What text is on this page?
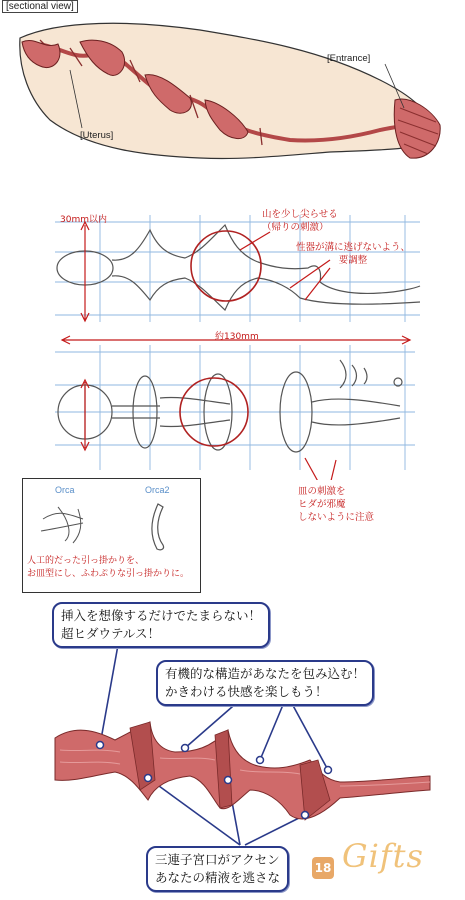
[sectional view]
[Entrance]
[Uterus]
30mm以内
約130mm
山を少し尖らせる
（帰りの刺激）
性器が溝に逃げないよう、
要調整
皿の刺激を
ヒダが邪魔
しないように注意
Orca	Orca2
人工的だった引っ掛かりを、
お皿型にし、ふわぷりな引っ掛かりに。
挿入を想像するだけでたまらない！
超ヒダウテルス！
有機的な構造があなたを包み込む！
かきわける快感を楽しもう！
三連子宮口がアクセン
あなたの精液を逃さな
18 Gifts
